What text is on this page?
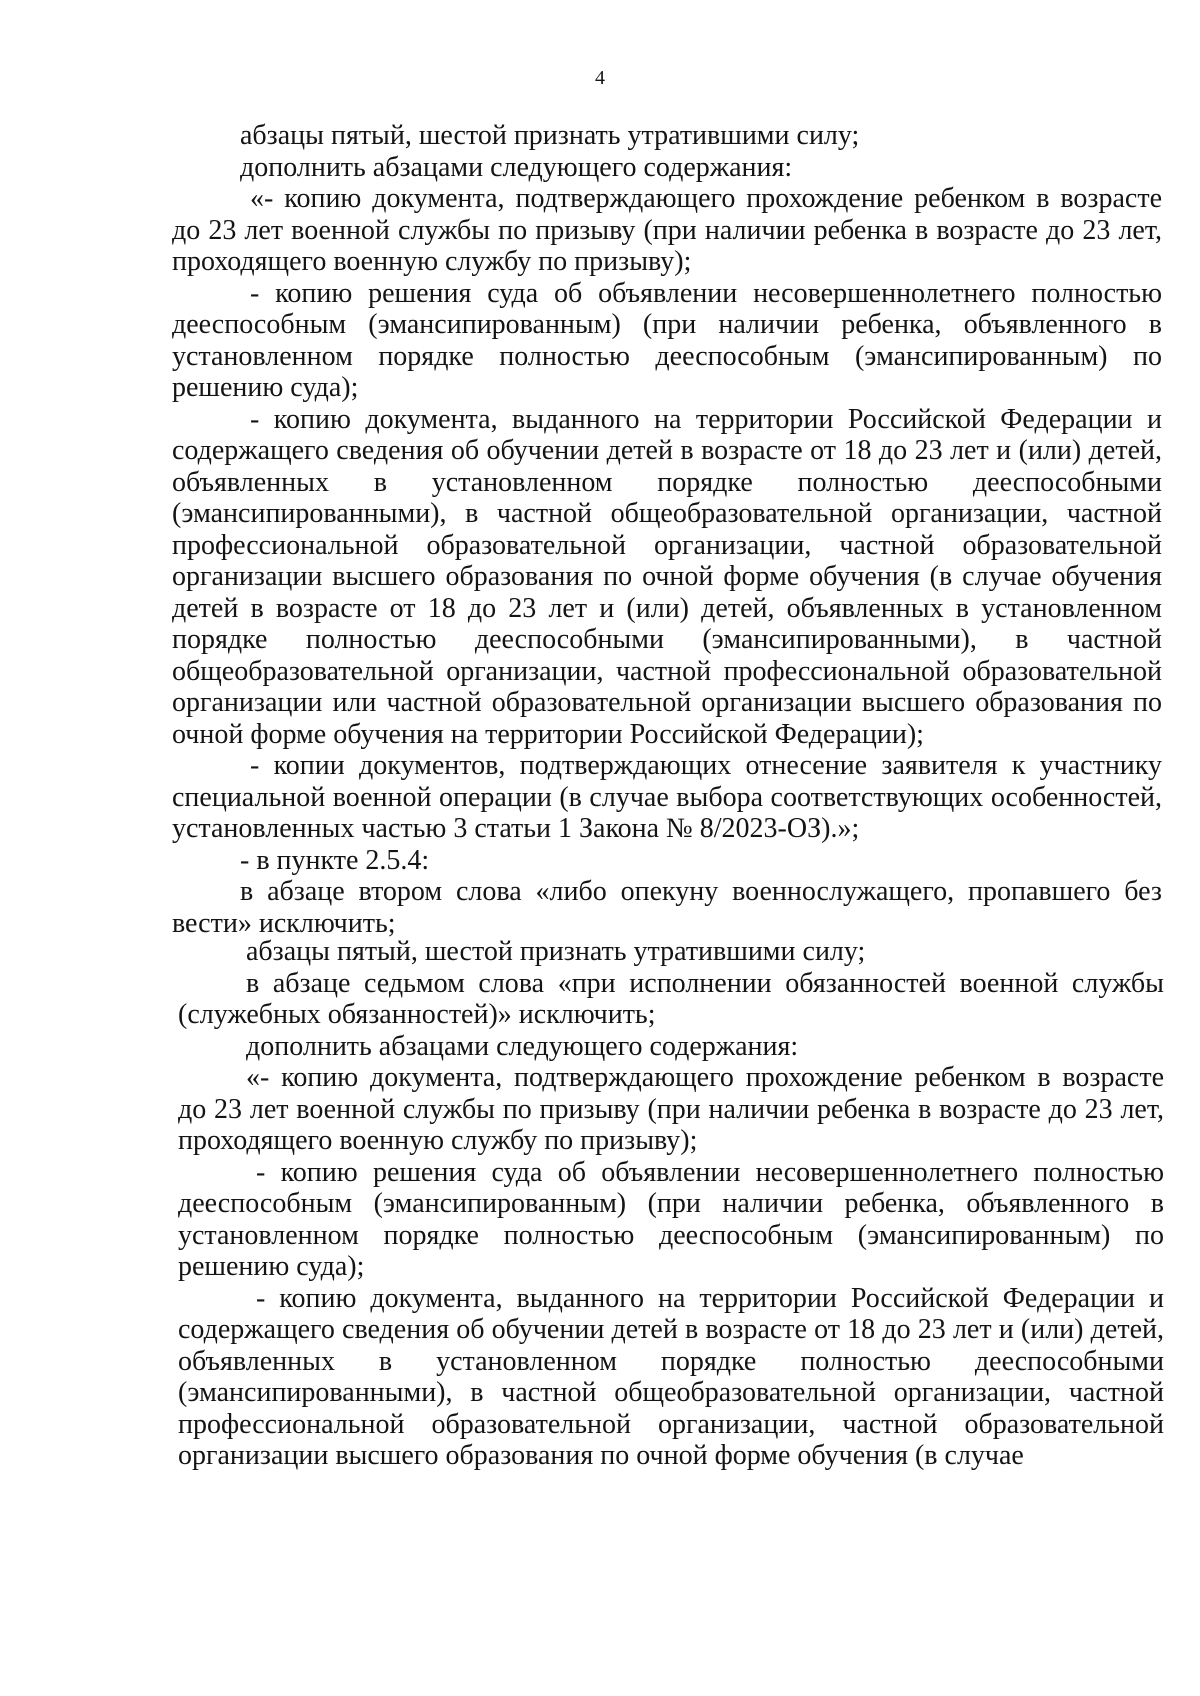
4

абзацы пятый, шестой признать утратившими силу;

дополнить абзацами следующего содержания:

«- копию документа, подтверждающего прохождение ребенком в возрасте до 23 лет военной службы по призыву (при наличии ребенка в возрасте до 23 лет, проходящего военную службу по призыву);

- копию решения суда об объявлении несовершеннолетнего полностью дееспособным (эмансипированным) (при наличии ребенка, объявленного в установленном порядке полностью дееспособным (эмансипированным) по решению суда);

- копию документа, выданного на территории Российской Федерации и содержащего сведения об обучении детей в возрасте от 18 до 23 лет и (или) детей, объявленных в установленном порядке полностью дееспособными (эмансипированными), в частной общеобразовательной организации, частной профессиональной образовательной организации, частной образовательной организации высшего образования по очной форме обучения (в случае обучения детей в возрасте от 18 до 23 лет и (или) детей, объявленных в установленном порядке полностью дееспособными (эмансипированными), в частной общеобразовательной организации, частной профессиональной образовательной организации или частной образовательной организации высшего образования по очной форме обучения на территории Российской Федерации);

- копии документов, подтверждающих отнесение заявителя к участнику специальной военной операции (в случае выбора соответствующих особенностей, установленных частью 3 статьи 1 Закона № 8/2023-ОЗ).»;

- в пункте 2.5.4:

в абзаце втором слова «либо опекуну военнослужащего, пропавшего без вести» исключить;

абзацы пятый, шестой признать утратившими силу;

в абзаце седьмом слова «при исполнении обязанностей военной службы (служебных обязанностей)» исключить;

дополнить абзацами следующего содержания:

«- копию документа, подтверждающего прохождение ребенком в возрасте до 23 лет военной службы по призыву (при наличии ребенка в возрасте до 23 лет, проходящего военную службу по призыву);

- копию решения суда об объявлении несовершеннолетнего полностью дееспособным (эмансипированным) (при наличии ребенка, объявленного в установленном порядке полностью дееспособным (эмансипированным) по решению суда);

- копию документа, выданного на территории Российской Федерации и содержащего сведения об обучении детей в возрасте от 18 до 23 лет и (или) детей, объявленных в установленном порядке полностью дееспособными (эмансипированными), в частной общеобразовательной организации, частной профессиональной образовательной организации, частной образовательной организации высшего образования по очной форме обучения (в случае
